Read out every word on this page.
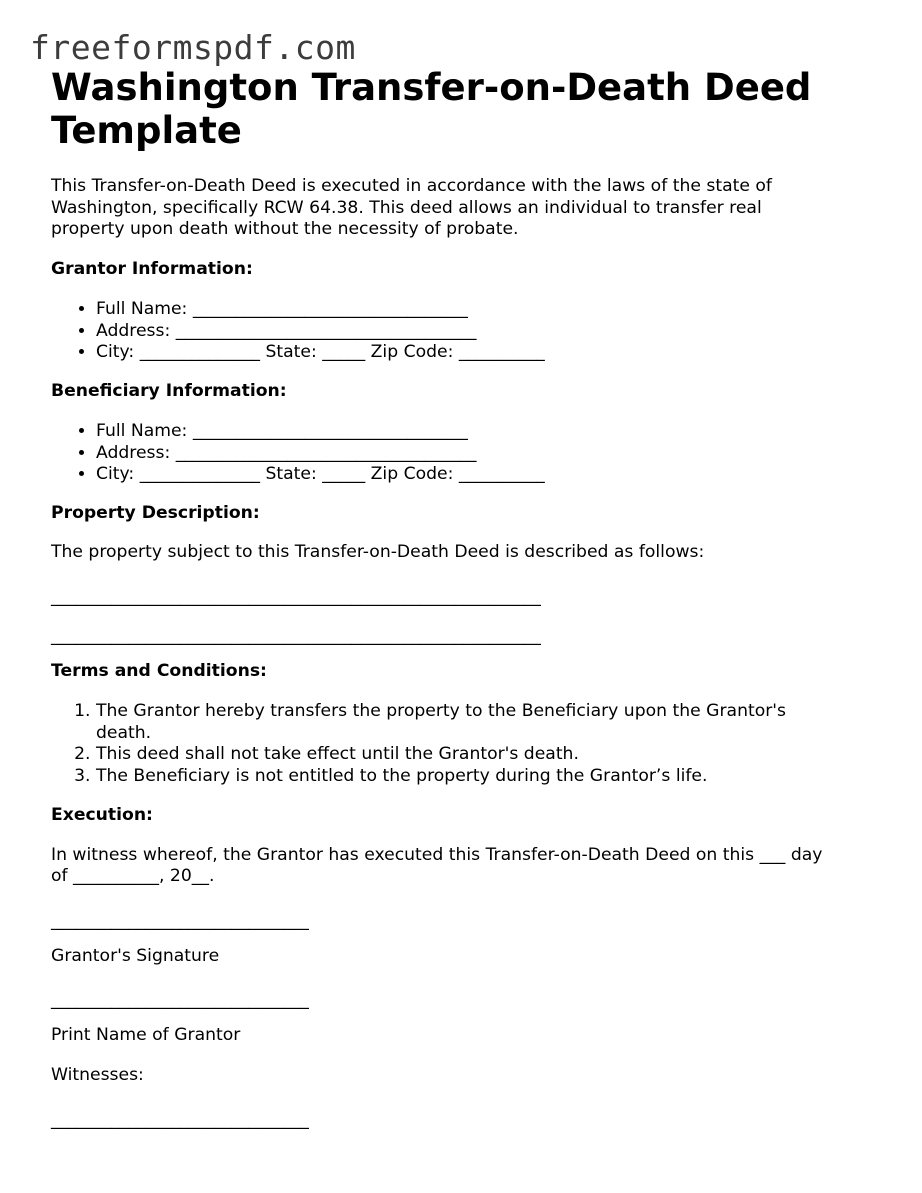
freeformspdf.com
Washington Transfer-on-Death Deed Template

This Transfer-on-Death Deed is executed in accordance with the laws of the state of

Washington, specifically RCW 64.38. This deed allows an individual to transfer real

property upon death without the necessity of probate.

Grantor Information:

• Full Name: ________________________________
• Address: ___________________________________
• City: ______________ State: _____ Zip Code: __________

Beneficiary Information:

• Full Name: ________________________________
• Address: ___________________________________
• City: ______________ State: _____ Zip Code: __________

Property Description:

The property subject to this Transfer-on-Death Deed is described as follows:

_________________________________________________________

_________________________________________________________

Terms and Conditions:

1. The Grantor hereby transfers the property to the Beneficiary upon the Grantor's death.
2. This deed shall not take effect until the Grantor's death.
3. The Beneficiary is not entitled to the property during the Grantor’s life.

Execution:

In witness whereof, the Grantor has executed this Transfer-on-Death Deed on this ___ day

of __________, 20__.

______________________________

Grantor's Signature

______________________________

Print Name of Grantor

Witnesses:

______________________________
